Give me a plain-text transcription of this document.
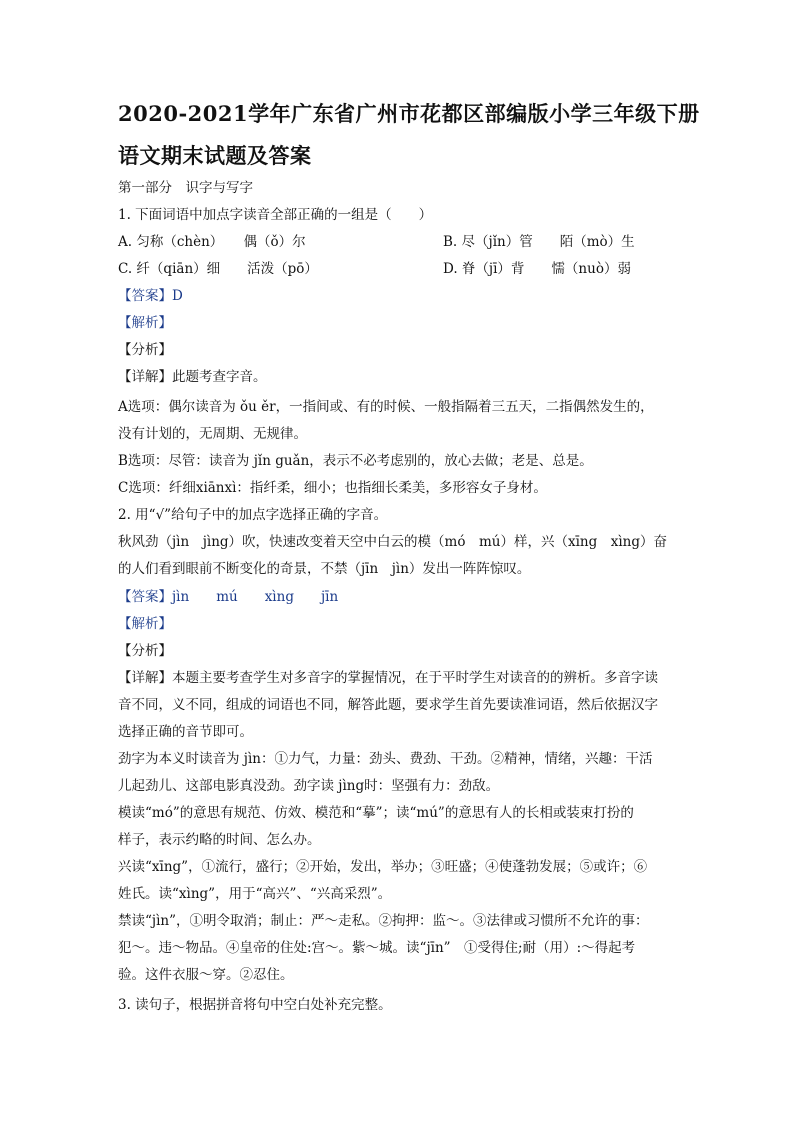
2020-2021学年广东省广州市花都区部编版小学三年级下册
语文期末试题及答案
第一部分　识字与写字
1. 下面词语中加点字读音全部正确的一组是（　　）
A. 匀称（chèn）　　偶（ǒ）尔	B. 尽（jǐn）管　　陌（mò）生
C. 纤（qiān）细　　活泼（pō）	D. 脊（jī）背　　懦（nuò）弱
【答案】D
【解析】
【分析】
【详解】此题考查字音。
A选项：偶尔读音为 ǒu ěr，一指间或、有的时候、一般指隔着三五天，二指偶然发生的，
没有计划的，无周期、无规律。
B选项：尽管：读音为 jǐn guǎn，表示不必考虑别的，放心去做；老是、总是。
C选项：纤细xiānxì：指纤柔，细小；也指细长柔美，多形容女子身材。
2. 用“√”给句子中的加点字选择正确的字音。
秋风劲（jìn　jìng）吹，快速改变着天空中白云的模（mó　mú）样，兴（xīng　xìng）奋
的人们看到眼前不断变化的奇景，不禁（jīn　jìn）发出一阵阵惊叹。
【答案】jìn　　mú　　xìng　　jīn
【解析】
【分析】
【详解】本题主要考查学生对多音字的掌握情况，在于平时学生对读音的的辨析。多音字读
音不同，义不同，组成的词语也不同，解答此题，要求学生首先要读准词语，然后依据汉字
选择正确的音节即可。
劲字为本义时读音为 jìn：①力气，力量：劲头、费劲、干劲。②精神，情绪，兴趣：干活
儿起劲儿、这部电影真没劲。劲字读 jìng时：坚强有力：劲敌。
模读“mó”的意思有规范、仿效、模范和“摹”；读“mú”的意思有人的长相或装束打扮的
样子，表示约略的时间、怎么办。
兴读“xīng”，①流行，盛行；②开始，发出，举办；③旺盛；④使蓬勃发展；⑤或许；⑥
姓氏。读“xìng”，用于“高兴”、“兴高采烈”。
禁读“jìn”，①明令取消；制止：严～走私。②拘押：监～。③法律或习惯所不允许的事：
犯～。违～物品。④皇帝的住处:宫～。紫～城。读“jīn”　①受得住;耐（用）:～得起考
验。这件衣服～穿。②忍住。
3. 读句子，根据拼音将句中空白处补充完整。
